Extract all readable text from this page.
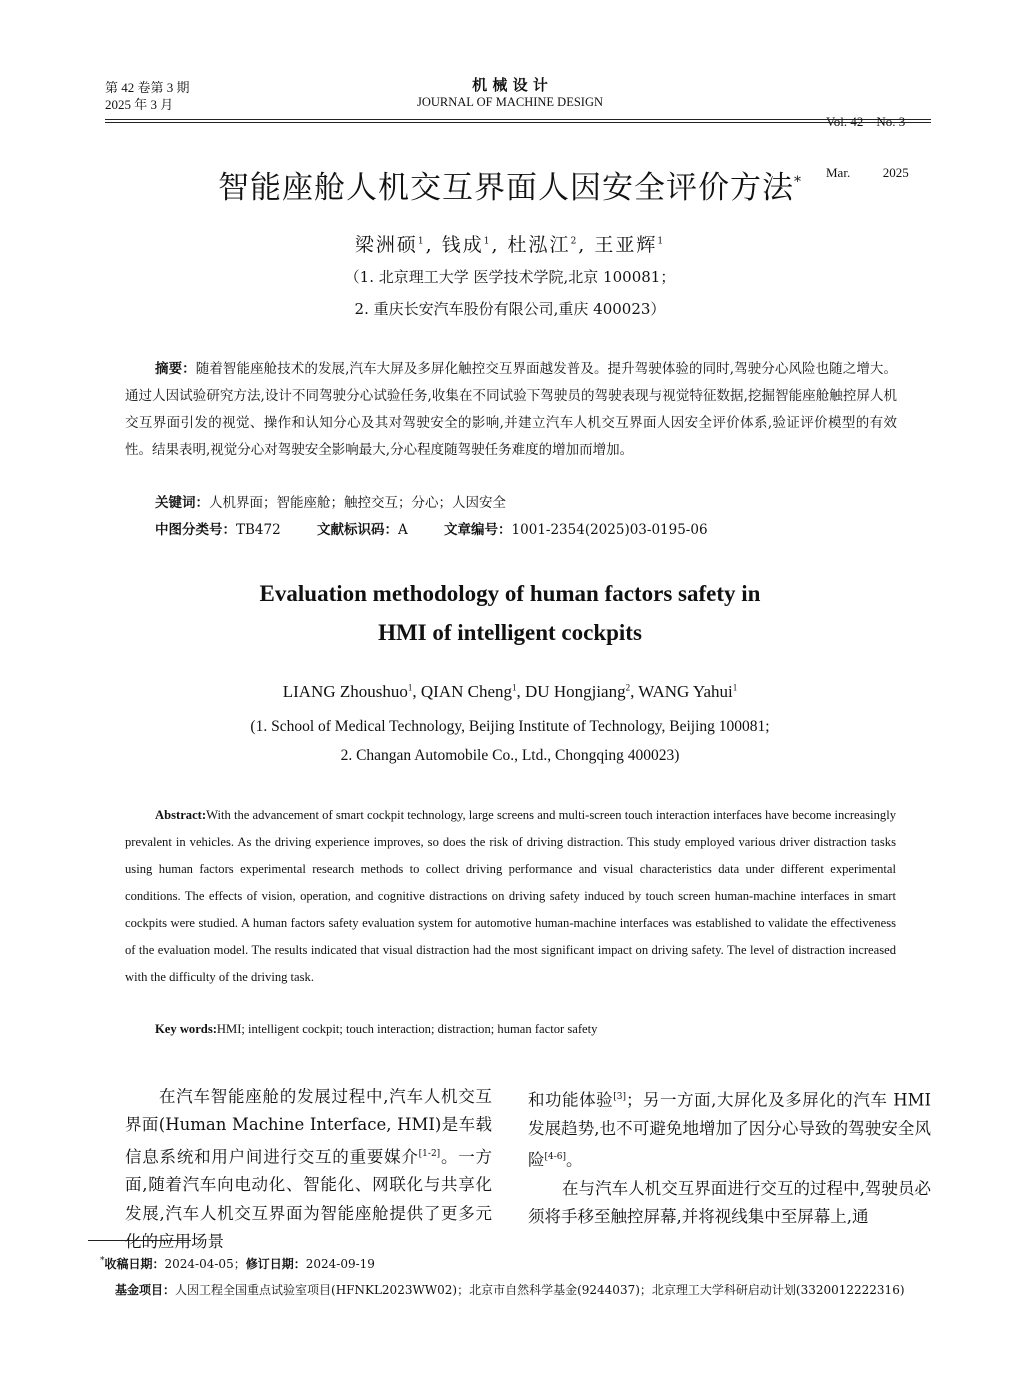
第 42 卷第 3 期
2025 年 3 月
机 械 设 计
JOURNAL OF MACHINE DESIGN

Vol. 42    No. 3

Mar.          2025

智能座舱人机交互界面人因安全评价方法*
梁洲硕$^1$, 钱成$^1$, 杜泓江$^2$, 王亚辉$^1$
（1. 北京理工大学 医学技术学院,北京 100081；
2. 重庆长安汽车股份有限公司,重庆 400023）
摘要：随着智能座舱技术的发展,汽车大屏及多屏化触控交互界面越发普及。提升驾驶体验的同时,驾驶分心风险也随之增大。通过人因试验研究方法,设计不同驾驶分心试验任务,收集在不同试验下驾驶员的驾驶表现与视觉特征数据,挖掘智能座舱触控屏人机交互界面引发的视觉、操作和认知分心及其对驾驶安全的影响,并建立汽车人机交互界面人因安全评价体系,验证评价模型的有效性。结果表明,视觉分心对驾驶安全影响最大,分心程度随驾驶任务难度的增加而增加。
关键词：人机界面；智能座舱；触控交互；分心；人因安全
中图分类号：TB472	文献标识码：A	文章编号：1001-2354(2025)03-0195-06
Evaluation methodology of human factors safety in
HMI of intelligent cockpits
LIANG Zhoushuo$^1$, QIAN Cheng$^1$, DU Hongjiang$^2$, WANG Yahui$^1$
(1. School of Medical Technology, Beijing Institute of Technology, Beijing 100081;
2. Changan Automobile Co., Ltd., Chongqing 400023)
Abstract:With the advancement of smart cockpit technology, large screens and multi-screen touch interaction interfaces have become increasingly prevalent in vehicles. As the driving experience improves, so does the risk of driving distraction. This study employed various driver distraction tasks using human factors experimental research methods to collect driving performance and visual characteristics data under different experimental conditions. The effects of vision, operation, and cognitive distractions on driving safety induced by touch screen human-machine interfaces in smart cockpits were studied. A human factors safety evaluation system for automotive human-machine interfaces was established to validate the effectiveness of the evaluation model. The results indicated that visual distraction had the most significant impact on driving safety. The level of distraction increased with the difficulty of the driving task.
Key words:HMI; intelligent cockpit; touch interaction; distraction; human factor safety

在汽车智能座舱的发展过程中,汽车人机交互界面(Human Machine Interface, HMI)是车载信息系统和用户间进行交互的重要媒介[1-2]。一方面,随着汽车向电动化、智能化、网联化与共享化发展,汽车人机交互界面为智能座舱提供了更多元化的应用场景

和功能体验[3]；另一方面,大屏化及多屏化的汽车 HMI 发展趋势,也不可避免地增加了因分心导致的驾驶安全风险[4-6]。

在与汽车人机交互界面进行交互的过程中,驾驶员必须将手移至触控屏幕,并将视线集中至屏幕上,通

*收稿日期：2024-04-05；修订日期：2024-09-19
基金项目：人因工程全国重点试验室项目(HFNKL2023WW02)；北京市自然科学基金(9244037)；北京理工大学科研启动计划(3320012222316)
